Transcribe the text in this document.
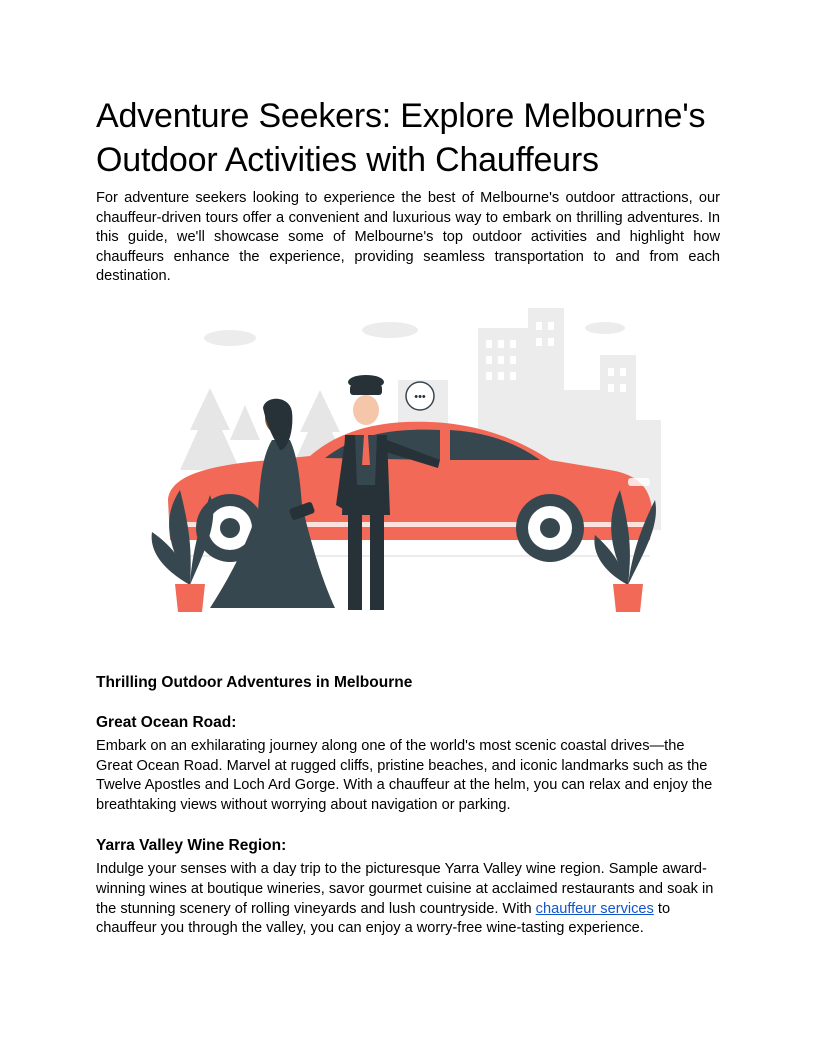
Adventure Seekers: Explore Melbourne's
Outdoor Activities with Chauffeurs

For adventure seekers looking to experience the best of Melbourne's outdoor attractions, our chauffeur-driven tours offer a convenient and luxurious way to embark on thrilling adventures. In this guide, we'll showcase some of Melbourne's top outdoor activities and highlight how chauffeurs enhance the experience, providing seamless transportation to and from each destination.

•••
Thrilling Outdoor Adventures in Melbourne
Great Ocean Road:

Embark on an exhilarating journey along one of the world's most scenic coastal drives—the Great Ocean Road. Marvel at rugged cliffs, pristine beaches, and iconic landmarks such as the Twelve Apostles and Loch Ard Gorge. With a chauffeur at the helm, you can relax and enjoy the breathtaking views without worrying about navigation or parking.

Yarra Valley Wine Region:

Indulge your senses with a day trip to the picturesque Yarra Valley wine region. Sample award-winning wines at boutique wineries, savor gourmet cuisine at acclaimed restaurants and soak in the stunning scenery of rolling vineyards and lush countryside. With chauffeur services to chauffeur you through the valley, you can enjoy a worry-free wine-tasting experience.
